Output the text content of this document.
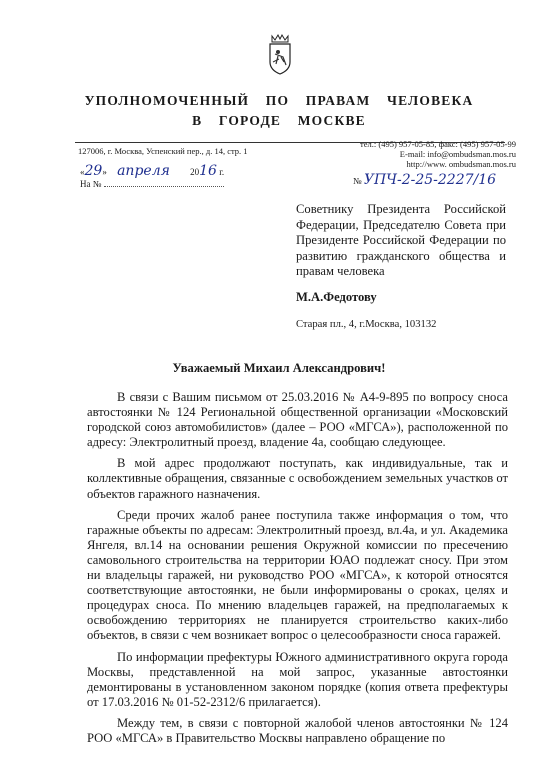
УПОЛНОМОЧЕННЫЙ ПО ПРАВАМ ЧЕЛОВЕКА
В ГОРОДЕ МОСКВЕ
127006, г. Москва, Успенский пер., д. 14, стр. 1
тел.: (495) 957-05-85, факс: (495) 957-05-99
E-mail: info@ombudsman.mos.ru
http://www. ombudsman.mos.ru
«29» апреля 2016 г.
На №	№ УПЧ-2-25-2227/16
Советнику Президента Российской Федерации, Председателю Совета при Президенте Российской Федерации по развитию гражданского общества и правам человека
М.А.Федотову
Старая пл., 4, г.Москва, 103132
Уважаемый Михаил Александрович!

В связи с Вашим письмом от 25.03.2016 № А4-9-895 по вопросу сноса автостоянки № 124 Региональной общественной организации «Московский городской союз автомобилистов» (далее – РОО «МГСА»), расположенной по адресу: Электролитный проезд, владение 4а, сообщаю следующее.

В мой адрес продолжают поступать, как индивидуальные, так и коллективные обращения, связанные с освобождением земельных участков от объектов гаражного назначения.

Среди прочих жалоб ранее поступила также информация о том, что гаражные объекты по адресам: Электролитный проезд, вл.4а, и ул. Академика Янгеля, вл.14 на основании решения Окружной комиссии по пресечению самовольного строительства на территории ЮАО подлежат сносу. При этом ни владельцы гаражей, ни руководство РОО «МГСА», к которой относятся соответствующие автостоянки, не были информированы о сроках, целях и процедурах сноса. По мнению владельцев гаражей, на предполагаемых к освобождению территориях не планируется строительство каких-либо объектов, в связи с чем возникает вопрос о целесообразности сноса гаражей.

По информации префектуры Южного административного округа города Москвы, представленной на мой запрос, указанные автостоянки демонтированы в установленном законом порядке (копия ответа префектуры от 17.03.2016 № 01-52-2312/6 прилагается).

Между тем, в связи с повторной жалобой членов автостоянки № 124 РОО «МГСА» в Правительство Москвы направлено обращение по
